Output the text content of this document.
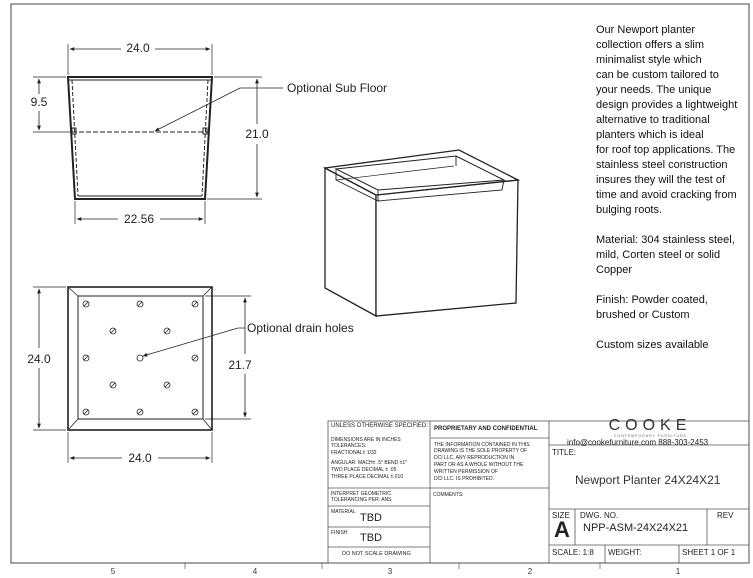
24.0
9.5
21.0
22.56
Optional Sub Floor
24.0	21.7
24.0
Optional drain holes
5	4	3	2	1

Our Newport planter
collection offers a slim
minimalist style which
can be custom tailored to
your needs. The unique
design provides a lightweight
alternative to traditional
planters which is ideal
for roof top applications. The
stainless steel construction
insures they will the test of
time and avoid cracking from
bulging roots.

Material: 304 stainless steel,
mild, Corten steel or solid
Copper

Finish: Powder coated,
brushed or Custom

Custom sizes available

UNLESS OTHERWISE SPECIFIED:
DIMENSIONS ARE IN INCHES
TOLERANCES:
FRACTIONAL± 1/32
ANGULAR: MACH± .5° BEND ±1°
TWO PLACE DECIMAL ± .05
THREE PLACE DECIMAL ±.010
INTERPRET GEOMETRIC
TOLERANCING PER: ANS
MATERIAL TBD
FINISH TBD
DO NOT SCALE DRAWING
PROPRIETARY AND CONFIDENTIAL
THE INFORMATION CONTAINED IN THIS
DRAWING IS THE SOLE PROPERTY OF
DCI LLC. ANY REPRODUCTION IN
PART OR AS A WHOLE WITHOUT THE
WRITTEN PERMISSION OF
DCI LLC. IS PROHIBITED.
COMMENTS:
COOKE
CONTEMPORARY FURNITURE
info@cookefurniture.com 888-303-2453
TITLE:
Newport Planter 24X24X21
SIZE
A
DWG. NO.
NPP-ASM-24X24X21
REV
SCALE: 1:8 WEIGHT:	SHEET 1 OF 1
